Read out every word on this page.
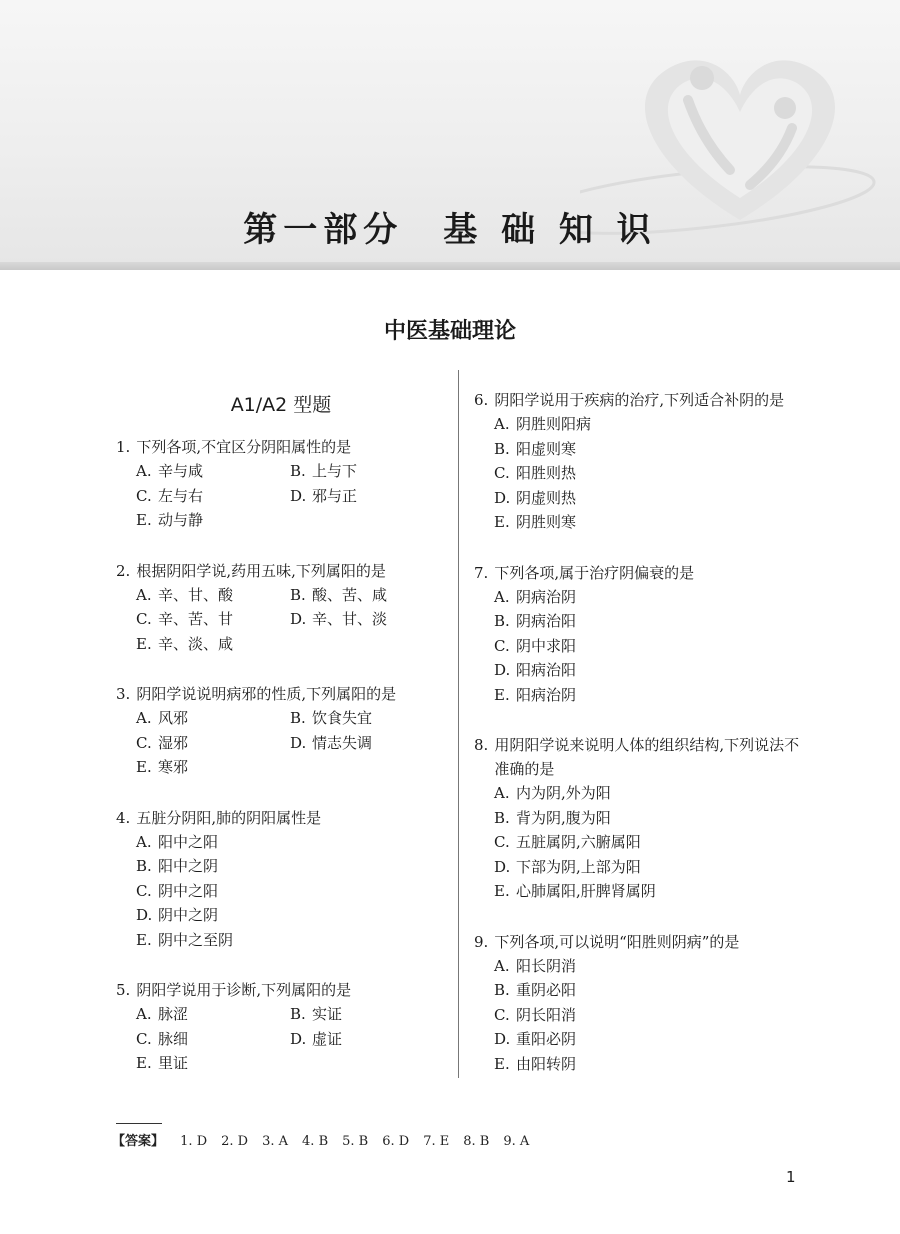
第一部分　基 础 知 识
中医基础理论
A1/A2 型题
1. 下列各项,不宜区分阴阳属性的是
A. 辛与咸	B. 上与下
C. 左与右	D. 邪与正
E. 动与静
2. 根据阴阳学说,药用五味,下列属阳的是
A. 辛、甘、酸	B. 酸、苦、咸
C. 辛、苦、甘	D. 辛、甘、淡
E. 辛、淡、咸
3. 阴阳学说说明病邪的性质,下列属阳的是
A. 风邪	B. 饮食失宜
C. 湿邪	D. 情志失调
E. 寒邪
4. 五脏分阴阳,肺的阴阳属性是
A. 阳中之阳
B. 阳中之阴
C. 阴中之阳
D. 阴中之阴
E. 阴中之至阴
5. 阴阳学说用于诊断,下列属阳的是
A. 脉涩	B. 实证
C. 脉细	D. 虚证
E. 里证
6. 阴阳学说用于疾病的治疗,下列适合补阴的是
A. 阴胜则阳病
B. 阳虚则寒
C. 阳胜则热
D. 阴虚则热
E. 阴胜则寒
7. 下列各项,属于治疗阴偏衰的是
A. 阴病治阴
B. 阴病治阳
C. 阴中求阳
D. 阳病治阳
E. 阳病治阴
8. 用阴阳学说来说明人体的组织结构,下列说法不准确的是
A. 内为阴,外为阳
B. 背为阴,腹为阳
C. 五脏属阴,六腑属阳
D. 下部为阴,上部为阳
E. 心肺属阳,肝脾肾属阴
9. 下列各项,可以说明“阳胜则阴病”的是
A. 阳长阴消
B. 重阴必阳
C. 阴长阳消
D. 重阳必阴
E. 由阳转阴
【答案】 1. D 2. D 3. A 4. B 5. B 6. D 7. E 8. B 9. A
1
